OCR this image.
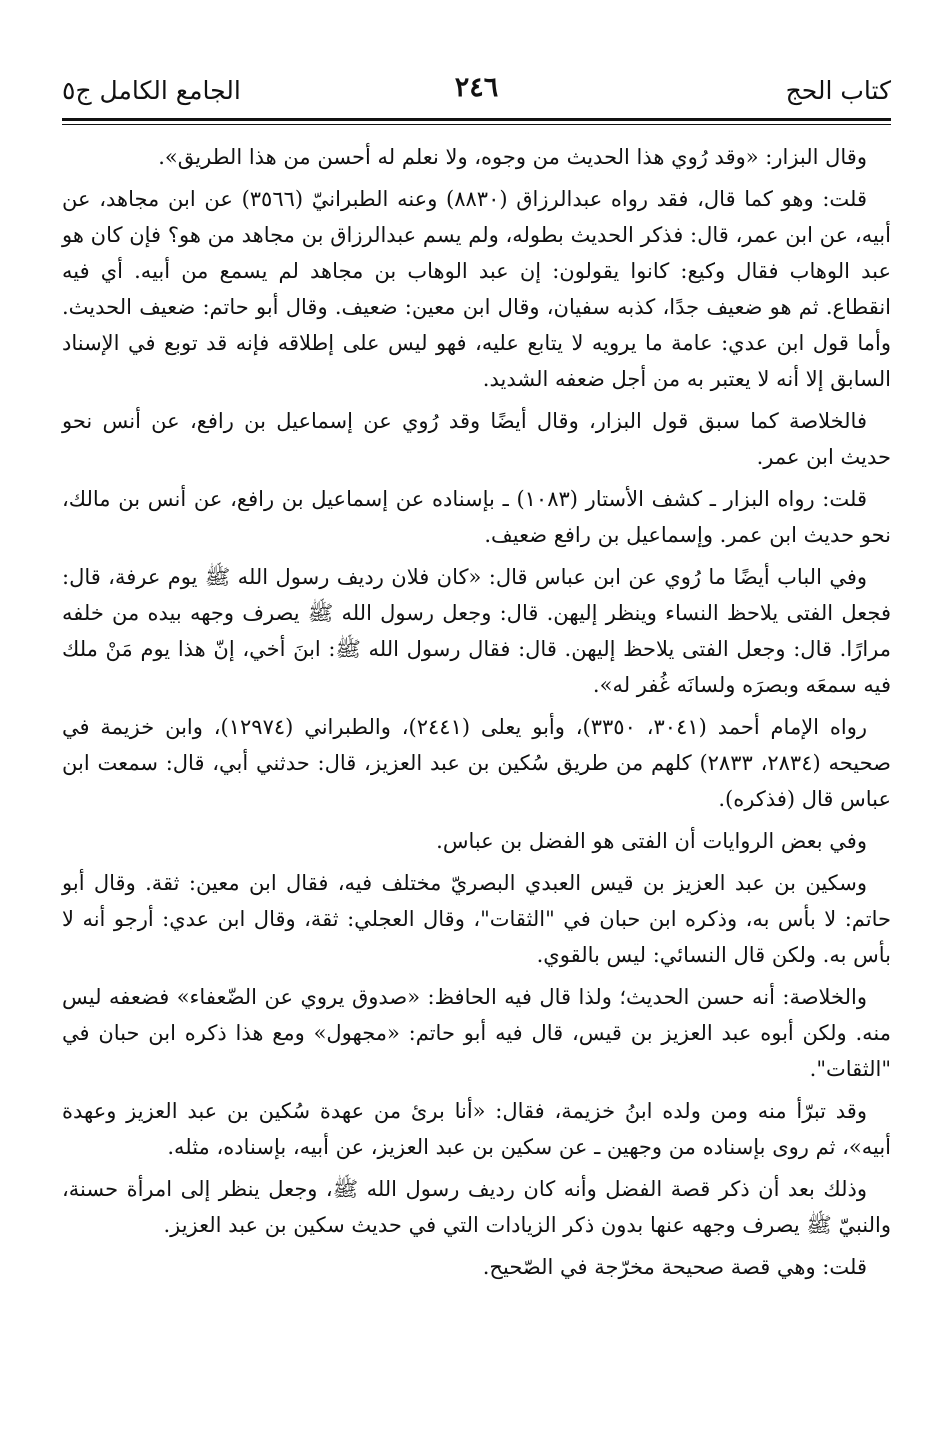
كتاب الحج
٢٤٦
الجامع الكامل ج٥

وقال البزار: «وقد رُوي هذا الحديث من وجوه، ولا نعلم له أحسن من هذا الطريق».

قلت: وهو كما قال، فقد رواه عبدالرزاق (٨٨٣٠) وعنه الطبرانيّ (٣٥٦٦) عن ابن مجاهد، عن أبيه، عن ابن عمر، قال: فذكر الحديث بطوله، ولم يسم عبدالرزاق بن مجاهد من هو؟ فإن كان هو عبد الوهاب فقال وكيع: كانوا يقولون: إن عبد الوهاب بن مجاهد لم يسمع من أبيه. أي فيه انقطاع. ثم هو ضعيف جدًا، كذبه سفيان، وقال ابن معين: ضعيف. وقال أبو حاتم: ضعيف الحديث. وأما قول ابن عدي: عامة ما يرويه لا يتابع عليه، فهو ليس على إطلاقه فإنه قد توبع في الإسناد السابق إلا أنه لا يعتبر به من أجل ضعفه الشديد.

فالخلاصة كما سبق قول البزار، وقال أيضًا وقد رُوي عن إسماعيل بن رافع، عن أنس نحو حديث ابن عمر.

قلت: رواه البزار ـ كشف الأستار (١٠٨٣) ـ بإسناده عن إسماعيل بن رافع، عن أنس بن مالك، نحو حديث ابن عمر. وإسماعيل بن رافع ضعيف.

وفي الباب أيضًا ما رُوي عن ابن عباس قال: «كان فلان رديف رسول الله ﷺ يوم عرفة، قال: فجعل الفتى يلاحظ النساء وينظر إليهن. قال: وجعل رسول الله ﷺ يصرف وجهه بيده من خلفه مرارًا. قال: وجعل الفتى يلاحظ إليهن. قال: فقال رسول الله ﷺ: ابنَ أخي، إنّ هذا يوم مَنْ ملك فيه سمعَه وبصرَه ولسانَه غُفر له».

رواه الإمام أحمد (٣٠٤١، ٣٣٥٠)، وأبو يعلى (٢٤٤١)، والطبراني (١٢٩٧٤)، وابن خزيمة في صحيحه (٢٨٣٤، ٢٨٣٣) كلهم من طريق سُكين بن عبد العزيز، قال: حدثني أبي، قال: سمعت ابن عباس قال (فذكره).

وفي بعض الروايات أن الفتى هو الفضل بن عباس.

وسكين بن عبد العزيز بن قيس العبدي البصريّ مختلف فيه، فقال ابن معين: ثقة. وقال أبو حاتم: لا بأس به، وذكره ابن حبان في "الثقات"، وقال العجلي: ثقة، وقال ابن عدي: أرجو أنه لا بأس به. ولكن قال النسائي: ليس بالقوي.

والخلاصة: أنه حسن الحديث؛ ولذا قال فيه الحافظ: «صدوق يروي عن الضّعفاء» فضعفه ليس منه. ولكن أبوه عبد العزيز بن قيس، قال فيه أبو حاتم: «مجهول» ومع هذا ذكره ابن حبان في "الثقات".

وقد تبرّأ منه ومن ولده ابنُ خزيمة، فقال: «أنا برئ من عهدة سُكين بن عبد العزيز وعهدة أبيه»، ثم روى بإسناده من وجهين ـ عن سكين بن عبد العزيز، عن أبيه، بإسناده، مثله.

وذلك بعد أن ذكر قصة الفضل وأنه كان رديف رسول الله ﷺ، وجعل ينظر إلى امرأة حسنة، والنبيّ ﷺ يصرف وجهه عنها بدون ذكر الزيادات التي في حديث سكين بن عبد العزيز.

قلت: وهي قصة صحيحة مخرّجة في الصّحيح.
